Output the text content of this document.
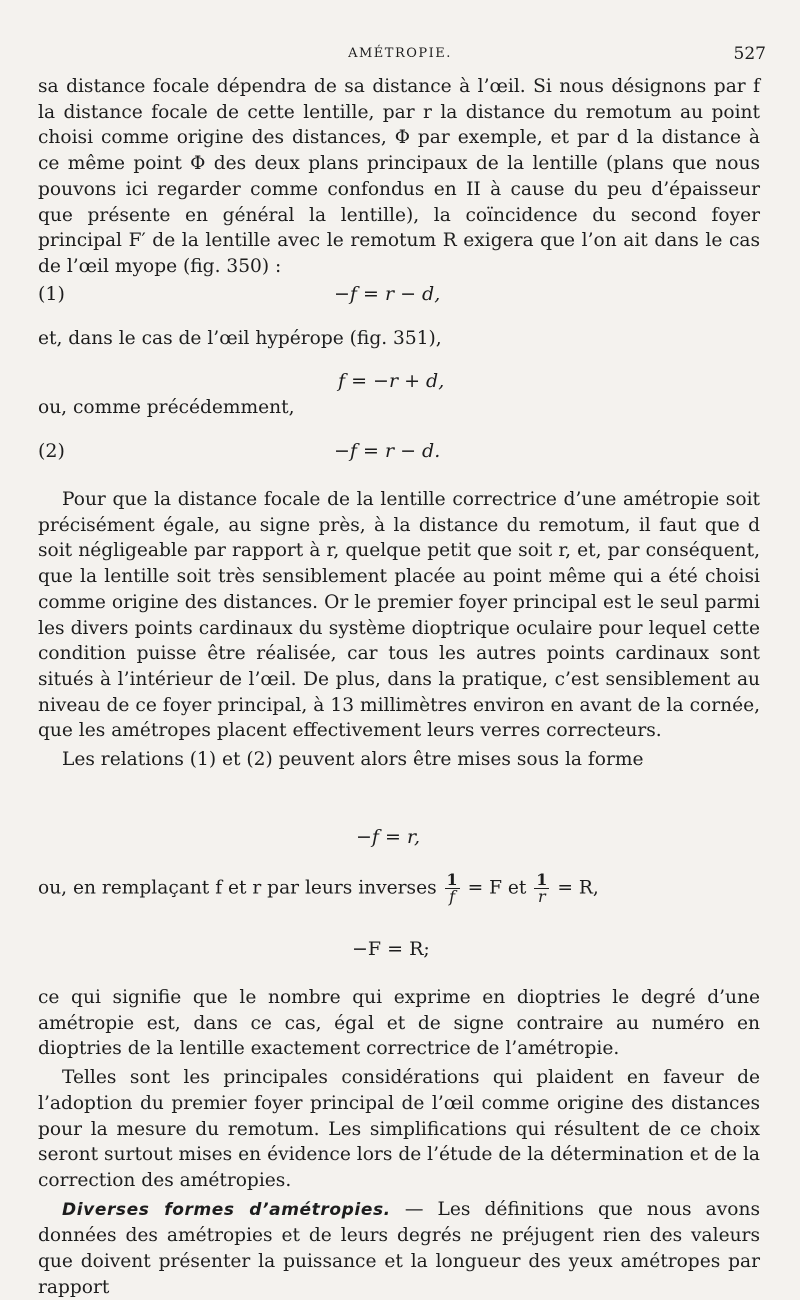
AMÉTROPIE.	527

sa distance focale dépendra de sa distance à l’œil. Si nous désignons par f la distance focale de cette lentille, par r la distance du remotum au point choisi comme origine des distances, Φ par exemple, et par d la distance à ce même point Φ des deux plans principaux de la lentille (plans que nous pouvons ici regarder comme confondus en II à cause du peu d’épaisseur que présente en général la lentille), la coïncidence du second foyer principal F′ de la lentille avec le remotum R exigera que l’on ait dans le cas de l’œil myope (fig. 350) :

(1)	−f = r − d,
et, dans le cas de l’œil hypérope (fig. 351),
f = −r + d,
ou, comme précédemment,
(2)	−f = r − d.

Pour que la distance focale de la lentille correctrice d’une amétropie soit précisément égale, au signe près, à la distance du remotum, il faut que d soit négligeable par rapport à r, quelque petit que soit r, et, par conséquent, que la lentille soit très sensiblement placée au point même qui a été choisi comme origine des distances. Or le premier foyer principal est le seul parmi les divers points cardinaux du système dioptrique oculaire pour lequel cette condition puisse être réalisée, car tous les autres points cardinaux sont situés à l’intérieur de l’œil. De plus, dans la pratique, c’est sensiblement au niveau de ce foyer principal, à 13 millimètres environ en avant de la cornée, que les amétropes placent effectivement leurs verres correcteurs.

Les relations (1) et (2) peuvent alors être mises sous la forme

−f = r,
ou, en remplaçant f et r par leurs inverses $\frac{1}{f} = F$ et $\frac{1}{r} = R$,
−F = R;

ce qui signifie que le nombre qui exprime en dioptries le degré d’une amétropie est, dans ce cas, égal et de signe contraire au numéro en dioptries de la lentille exactement correctrice de l’amétropie.

Telles sont les principales considérations qui plaident en faveur de l’adoption du premier foyer principal de l’œil comme origine des distances pour la mesure du remotum. Les simplifications qui résultent de ce choix seront surtout mises en évidence lors de l’étude de la détermination et de la correction des amétropies.

Diverses formes d’amétropies. — Les définitions que nous avons données des amétropies et de leurs degrés ne préjugent rien des valeurs que doivent présenter la puissance et la longueur des yeux amétropes par rapport
